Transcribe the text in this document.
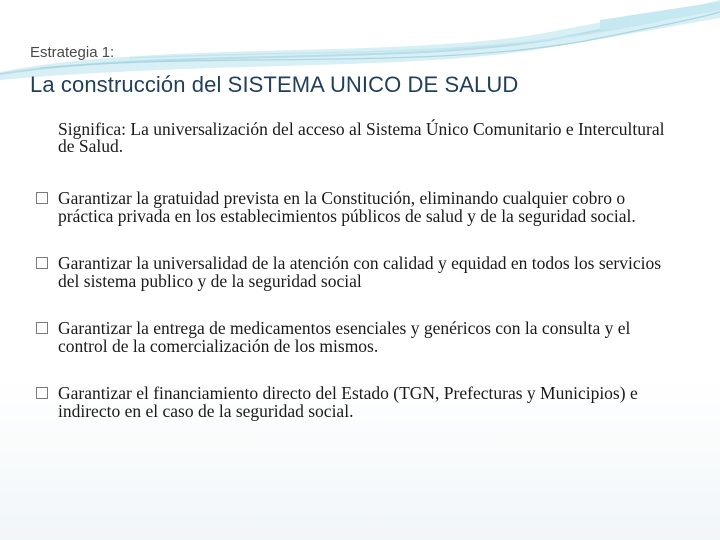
Estrategia 1:
La construcción del SISTEMA UNICO DE SALUD
Significa: La universalización del acceso al Sistema Único Comunitario e Intercultural de Salud.
Garantizar la gratuidad prevista en la Constitución, eliminando cualquier cobro o práctica privada en los establecimientos públicos de salud y de la seguridad social.
Garantizar la universalidad de la atención con calidad y equidad en todos los servicios del sistema publico y de la seguridad social
Garantizar la entrega de medicamentos esenciales y genéricos con la consulta y el control de la comercialización de los mismos.
Garantizar el financiamiento directo del Estado (TGN, Prefecturas y Municipios) e indirecto en el caso de la seguridad social.
